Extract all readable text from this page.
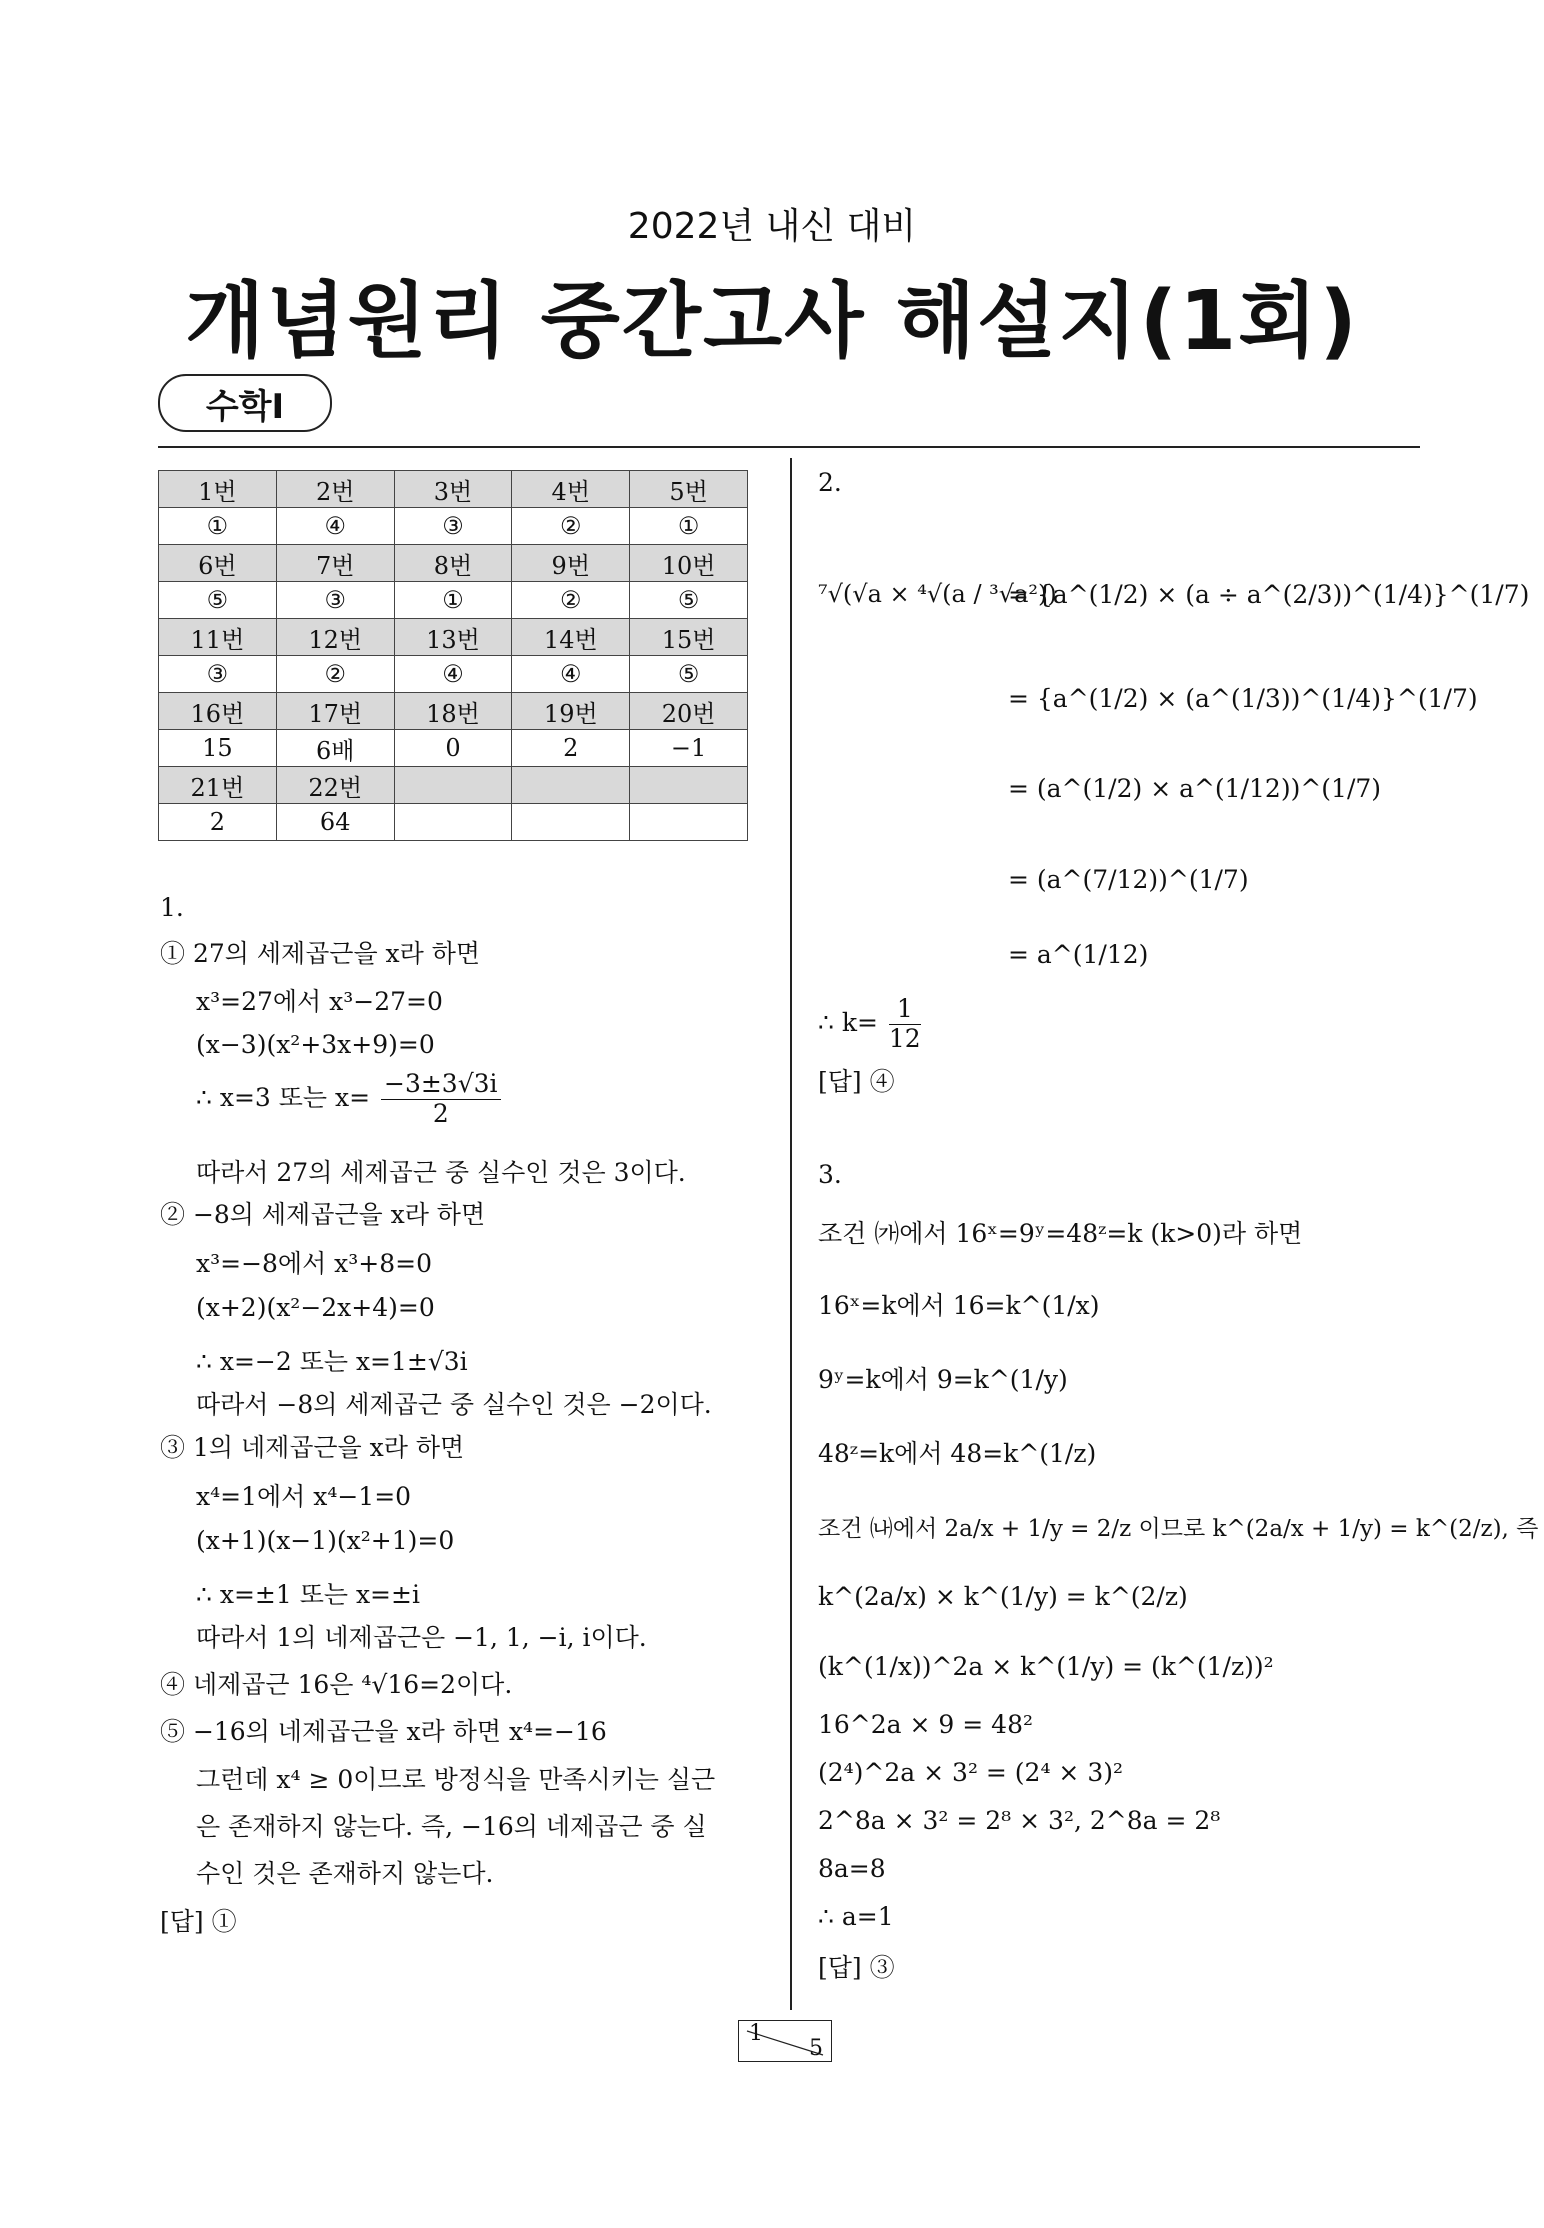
2022년 내신 대비
개념원리 중간고사 해설지(1회)
수학Ⅰ
1번	2번	3번	4번	5번
①	④	③	②	①
6번	7번	8번	9번	10번
⑤	③	①	②	⑤
11번	12번	13번	14번	15번
③	②	④	④	⑤
16번	17번	18번	19번	20번
15	6배	0	2	−1
21번	22번			
2	64			
1.
① 27의 세제곱근을 x라 하면
x³=27에서 x³−27=0
(x−3)(x²+3x+9)=0
∴ x=3 또는 $x= \frac{-3\pm 3√3i}{2}$
따라서 27의 세제곱근 중 실수인 것은 3이다.
② −8의 세제곱근을 x라 하면
x³=−8에서 x³+8=0
(x+2)(x²−2x+4)=0
∴ x=−2 또는 x=1±√3i
따라서 −8의 세제곱근 중 실수인 것은 −2이다.
③ 1의 네제곱근을 x라 하면
x⁴=1에서 x⁴−1=0
(x+1)(x−1)(x²+1)=0
∴ x=±1 또는 x=±i
따라서 1의 네제곱근은 −1, 1, −i, i이다.
④ 네제곱근 16은 ⁴√16=2이다.
⑤ −16의 네제곱근을 x라 하면 x⁴=−16
그런데 x⁴ ≥ 0이므로 방정식을 만족시키는 실근
은 존재하지 않는다. 즉, −16의 네제곱근 중 실
수인 것은 존재하지 않는다.
[답] ①
2.
⁷√(√a × ⁴√(a / ³√a²))
= {a^(1/2) × (a ÷ a^(2/3))^(1/4)}^(1/7)
= {a^(1/2) × (a^(1/3))^(1/4)}^(1/7)
= (a^(1/2) × a^(1/12))^(1/7)
= (a^(7/12))^(1/7)
= a^(1/12)
∴ $k= \frac{1}{12}$
[답] ④
3.
조건 ㈎에서 16ˣ=9ʸ=48ᶻ=k (k>0)라 하면
16ˣ=k에서 16=k^(1/x)
9ʸ=k에서 9=k^(1/y)
48ᶻ=k에서 48=k^(1/z)
조건 ㈏에서 2a/x + 1/y = 2/z 이므로 k^(2a/x + 1/y) = k^(2/z), 즉
k^(2a/x) × k^(1/y) = k^(2/z)
(k^(1/x))^2a × k^(1/y) = (k^(1/z))²
16^2a × 9 = 48²
(2⁴)^2a × 3² = (2⁴ × 3)²
2^8a × 3² = 2⁸ × 3², 2^8a = 2⁸
8a=8
∴ a=1
[답] ③
1
5
